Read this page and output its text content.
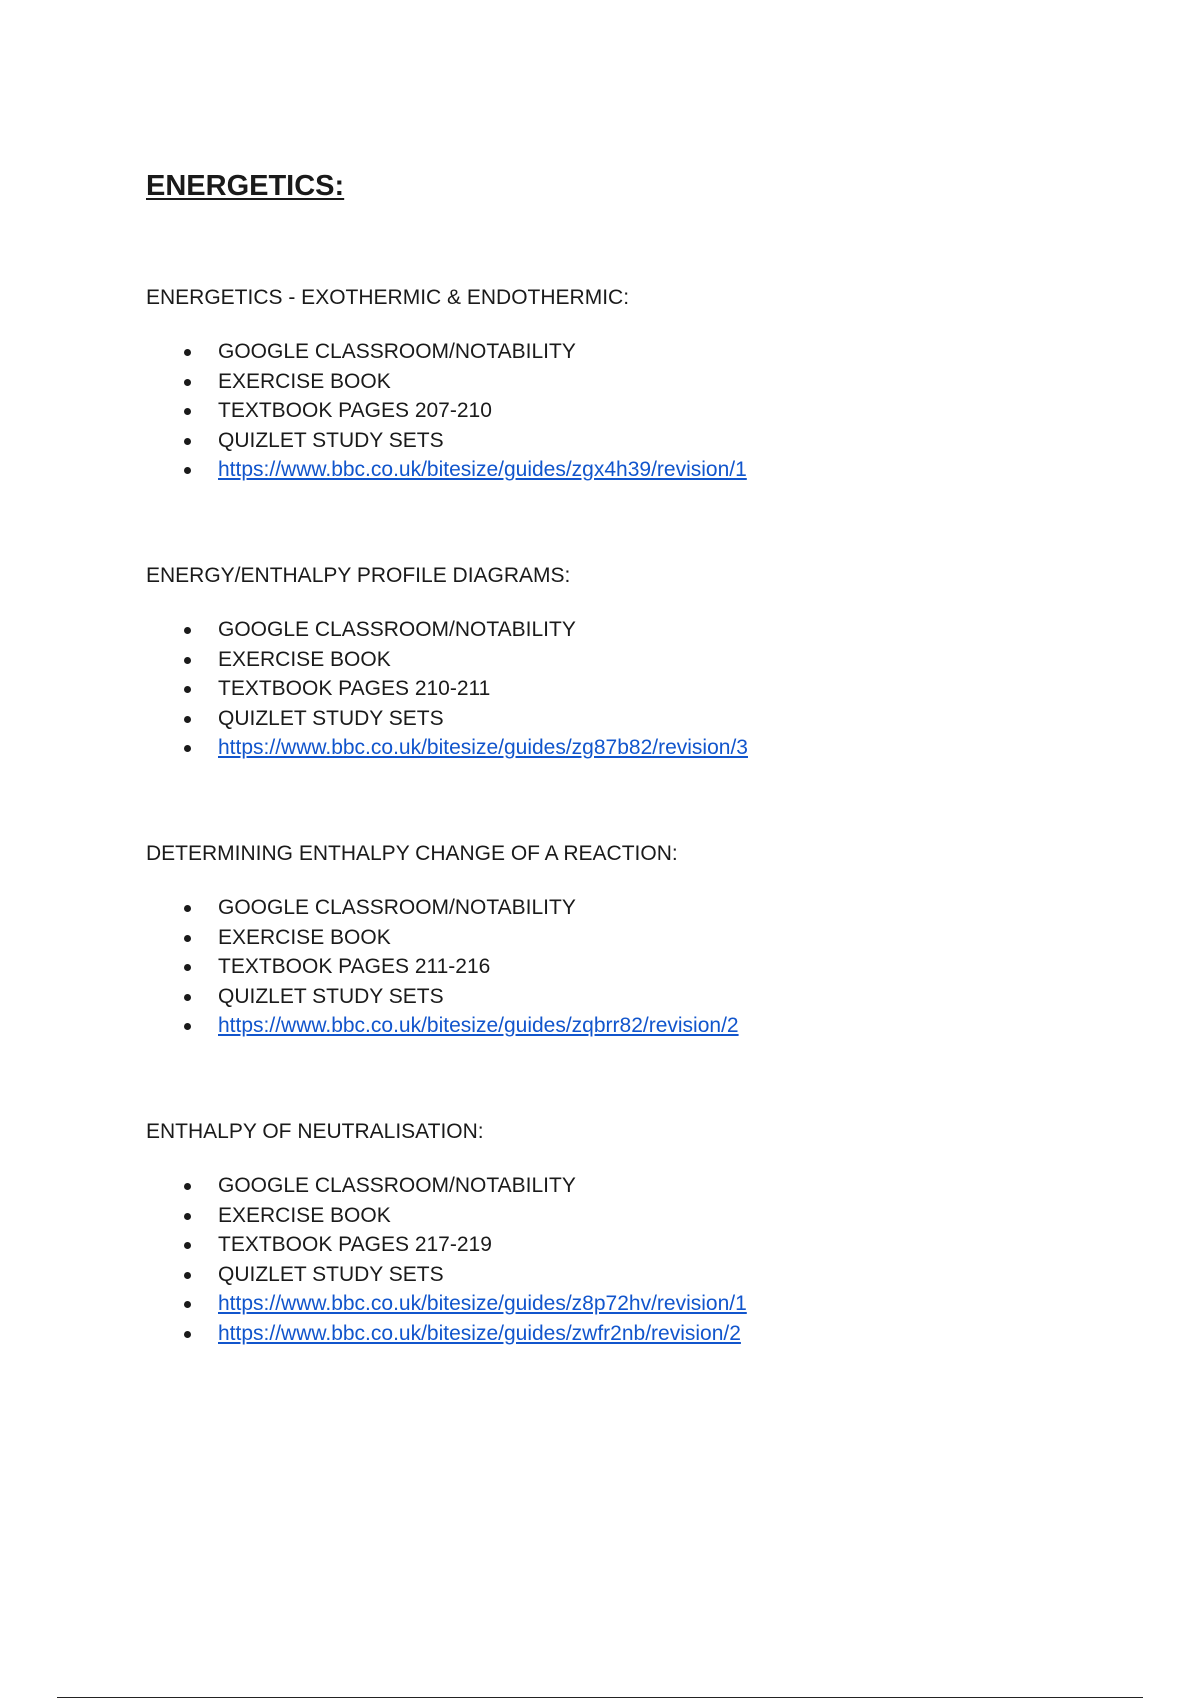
ENERGETICS:
ENERGETICS - EXOTHERMIC & ENDOTHERMIC:
GOOGLE CLASSROOM/NOTABILITY
EXERCISE BOOK
TEXTBOOK PAGES 207-210
QUIZLET STUDY SETS
https://www.bbc.co.uk/bitesize/guides/zgx4h39/revision/1
ENERGY/ENTHALPY PROFILE DIAGRAMS:
GOOGLE CLASSROOM/NOTABILITY
EXERCISE BOOK
TEXTBOOK PAGES 210-211
QUIZLET STUDY SETS
https://www.bbc.co.uk/bitesize/guides/zg87b82/revision/3
DETERMINING ENTHALPY CHANGE OF A REACTION:
GOOGLE CLASSROOM/NOTABILITY
EXERCISE BOOK
TEXTBOOK PAGES 211-216
QUIZLET STUDY SETS
https://www.bbc.co.uk/bitesize/guides/zqbrr82/revision/2
ENTHALPY OF NEUTRALISATION:
GOOGLE CLASSROOM/NOTABILITY
EXERCISE BOOK
TEXTBOOK PAGES 217-219
QUIZLET STUDY SETS
https://www.bbc.co.uk/bitesize/guides/z8p72hv/revision/1
https://www.bbc.co.uk/bitesize/guides/zwfr2nb/revision/2
